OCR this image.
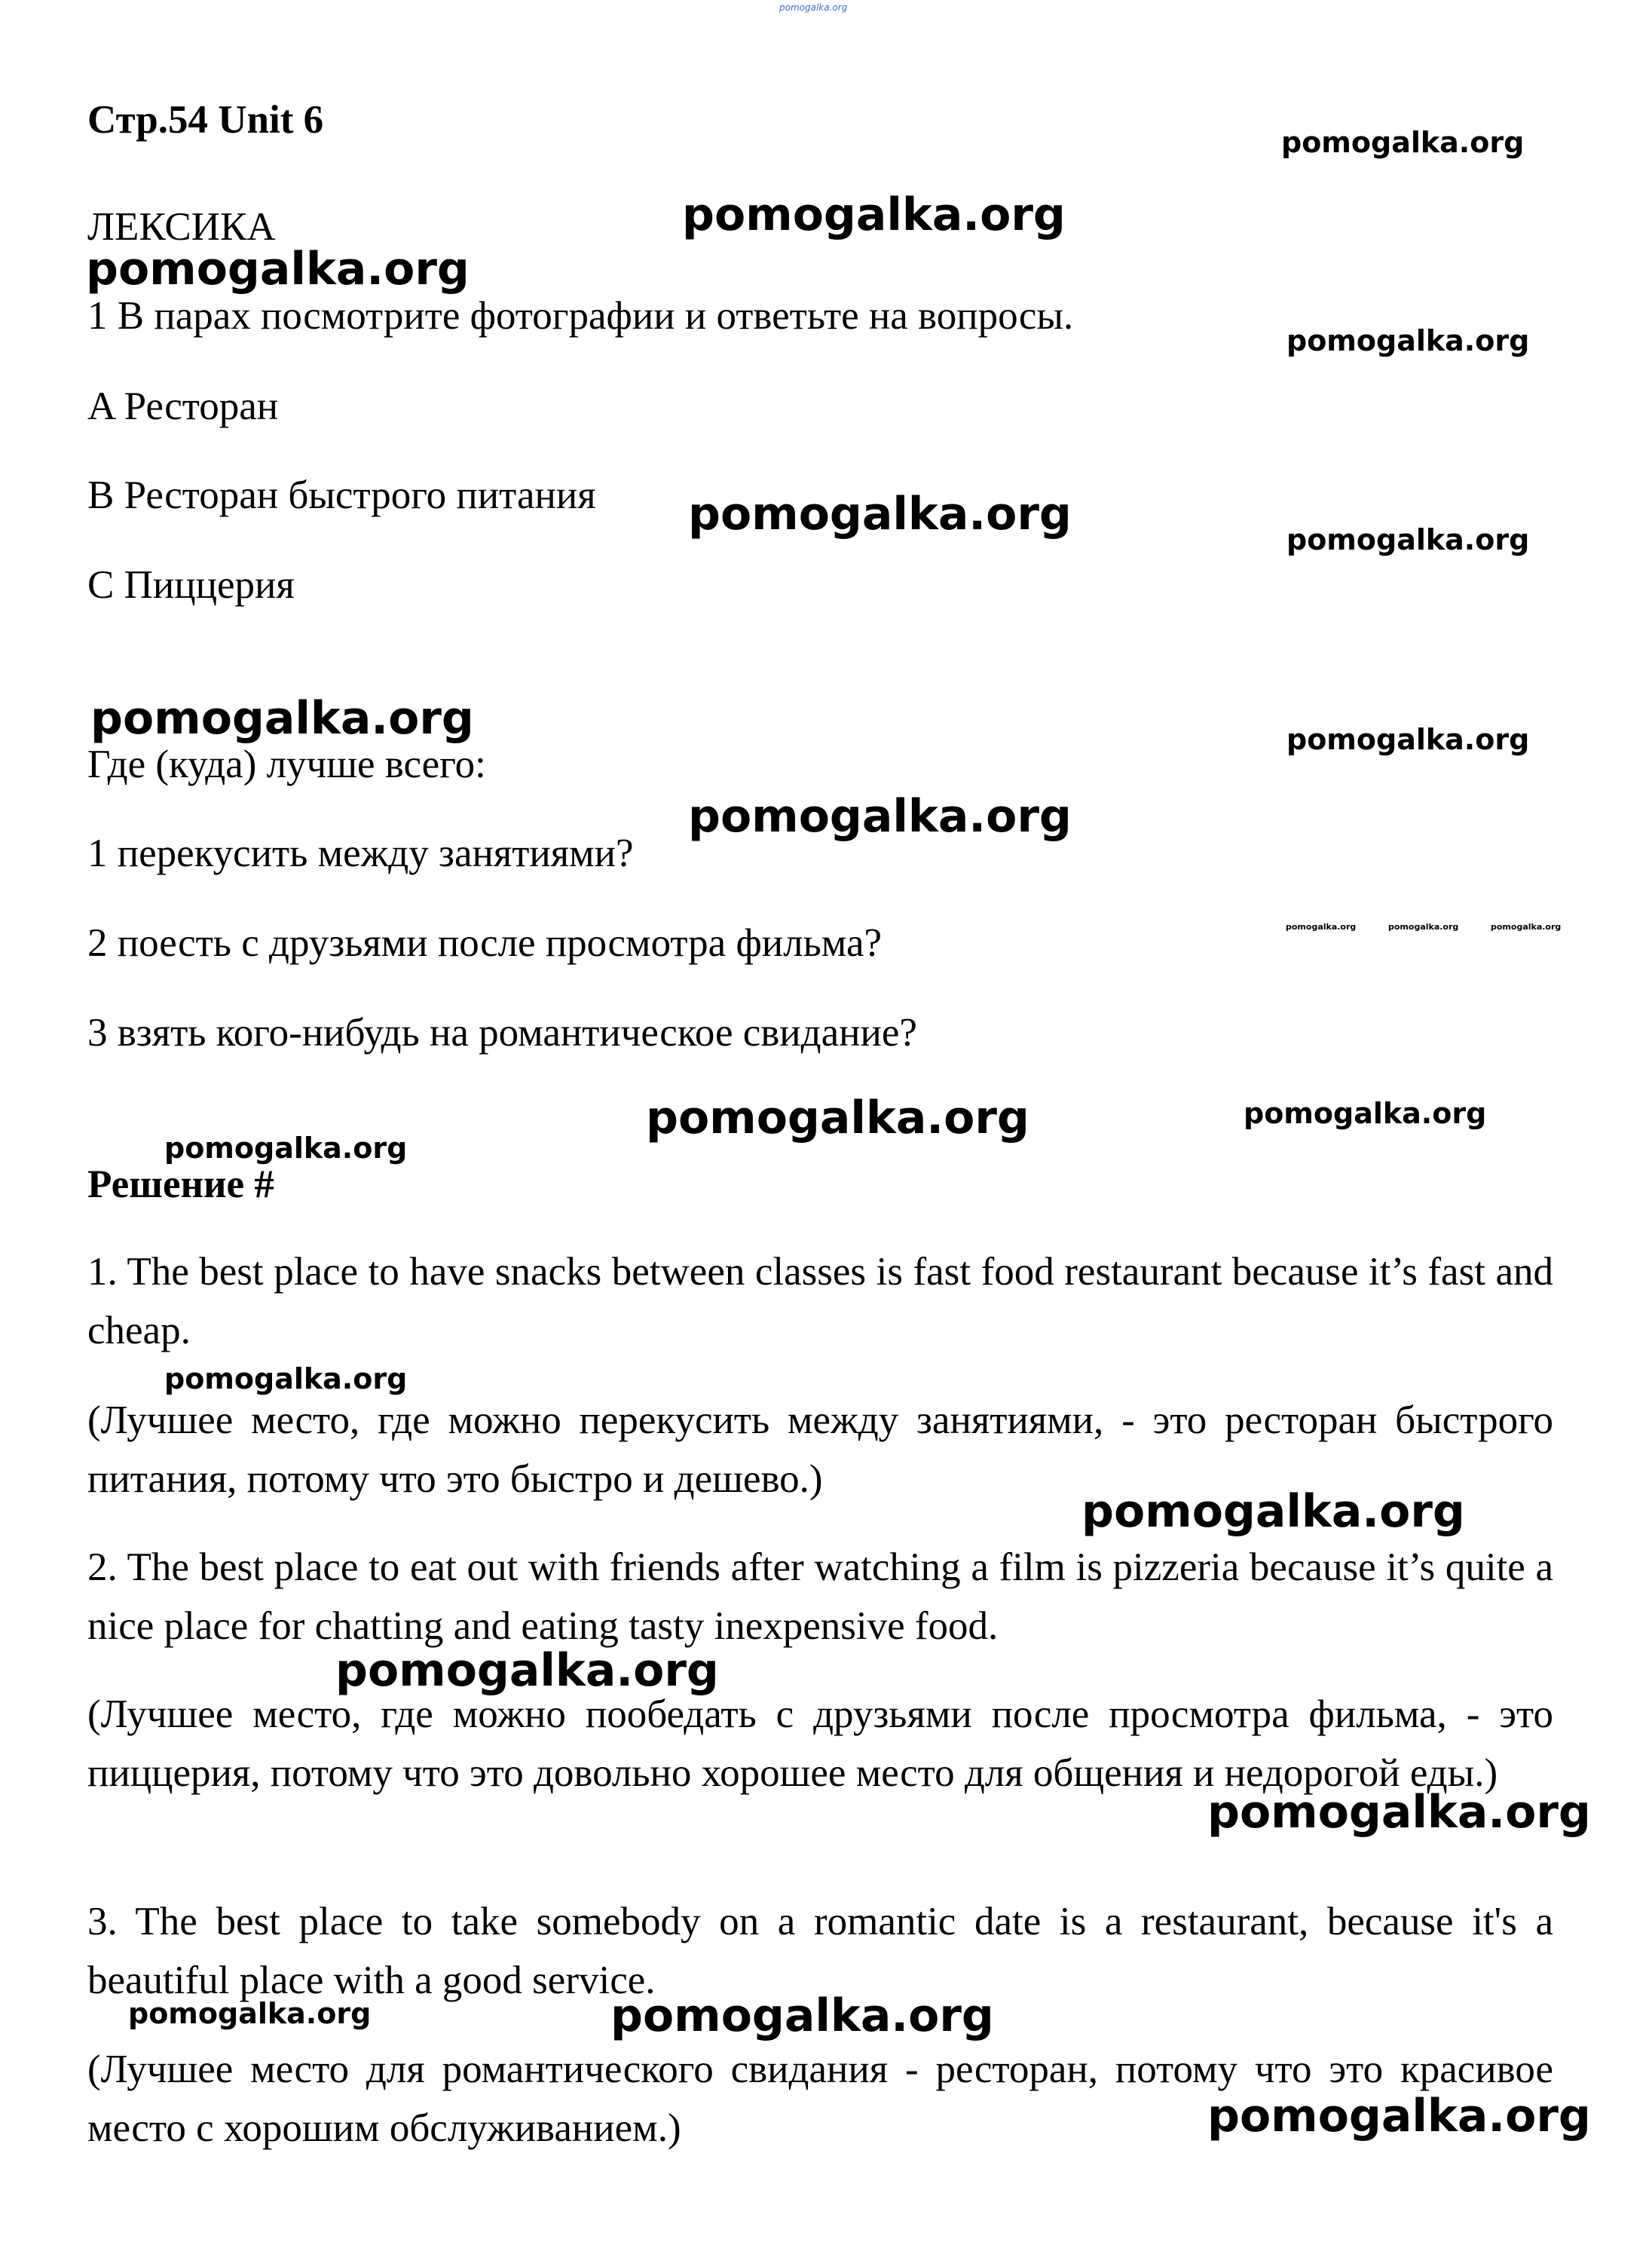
pomogalka.org

Стр.54 Unit 6

ЛЕКСИКА

1 В парах посмотрите фотографии и ответьте на вопросы.

A Ресторан

B Ресторан быстрого питания

C Пиццерия

Где (куда) лучше всего:

1 перекусить между занятиями?

2 поесть с друзьями после просмотра фильма?

3 взять кого-нибудь на романтическое свидание?

Решение #

1. The best place to have snacks between classes is fast food restaurant because it’s fast and cheap.

(Лучшее место, где можно перекусить между занятиями, - это ресторан быстрого питания, потому что это быстро и дешево.)

2. The best place to eat out with friends after watching a film is pizzeria because it’s quite a nice place for chatting and eating tasty inexpensive food.

(Лучшее место, где можно пообедать с друзьями после просмотра фильма, - это пиццерия, потому что это довольно хорошее место для общения и недорогой еды.)

3. The best place to take somebody on a romantic date is a restaurant, because it's a beautiful place with a good service.

(Лучшее место для романтического свидания - ресторан, потому что это красивое место с хорошим обслуживанием.)

pomogalka.org
pomogalka.org
pomogalka.org
pomogalka.org
pomogalka.org	pomogalka.org
pomogalka.org	pomogalka.org
pomogalka.org
pomogalka.org	pomogalka.org	pomogalka.org
pomogalka.org	pomogalka.org
pomogalka.org
pomogalka.org
pomogalka.org
pomogalka.org
pomogalka.org
pomogalka.org	pomogalka.org
pomogalka.org
